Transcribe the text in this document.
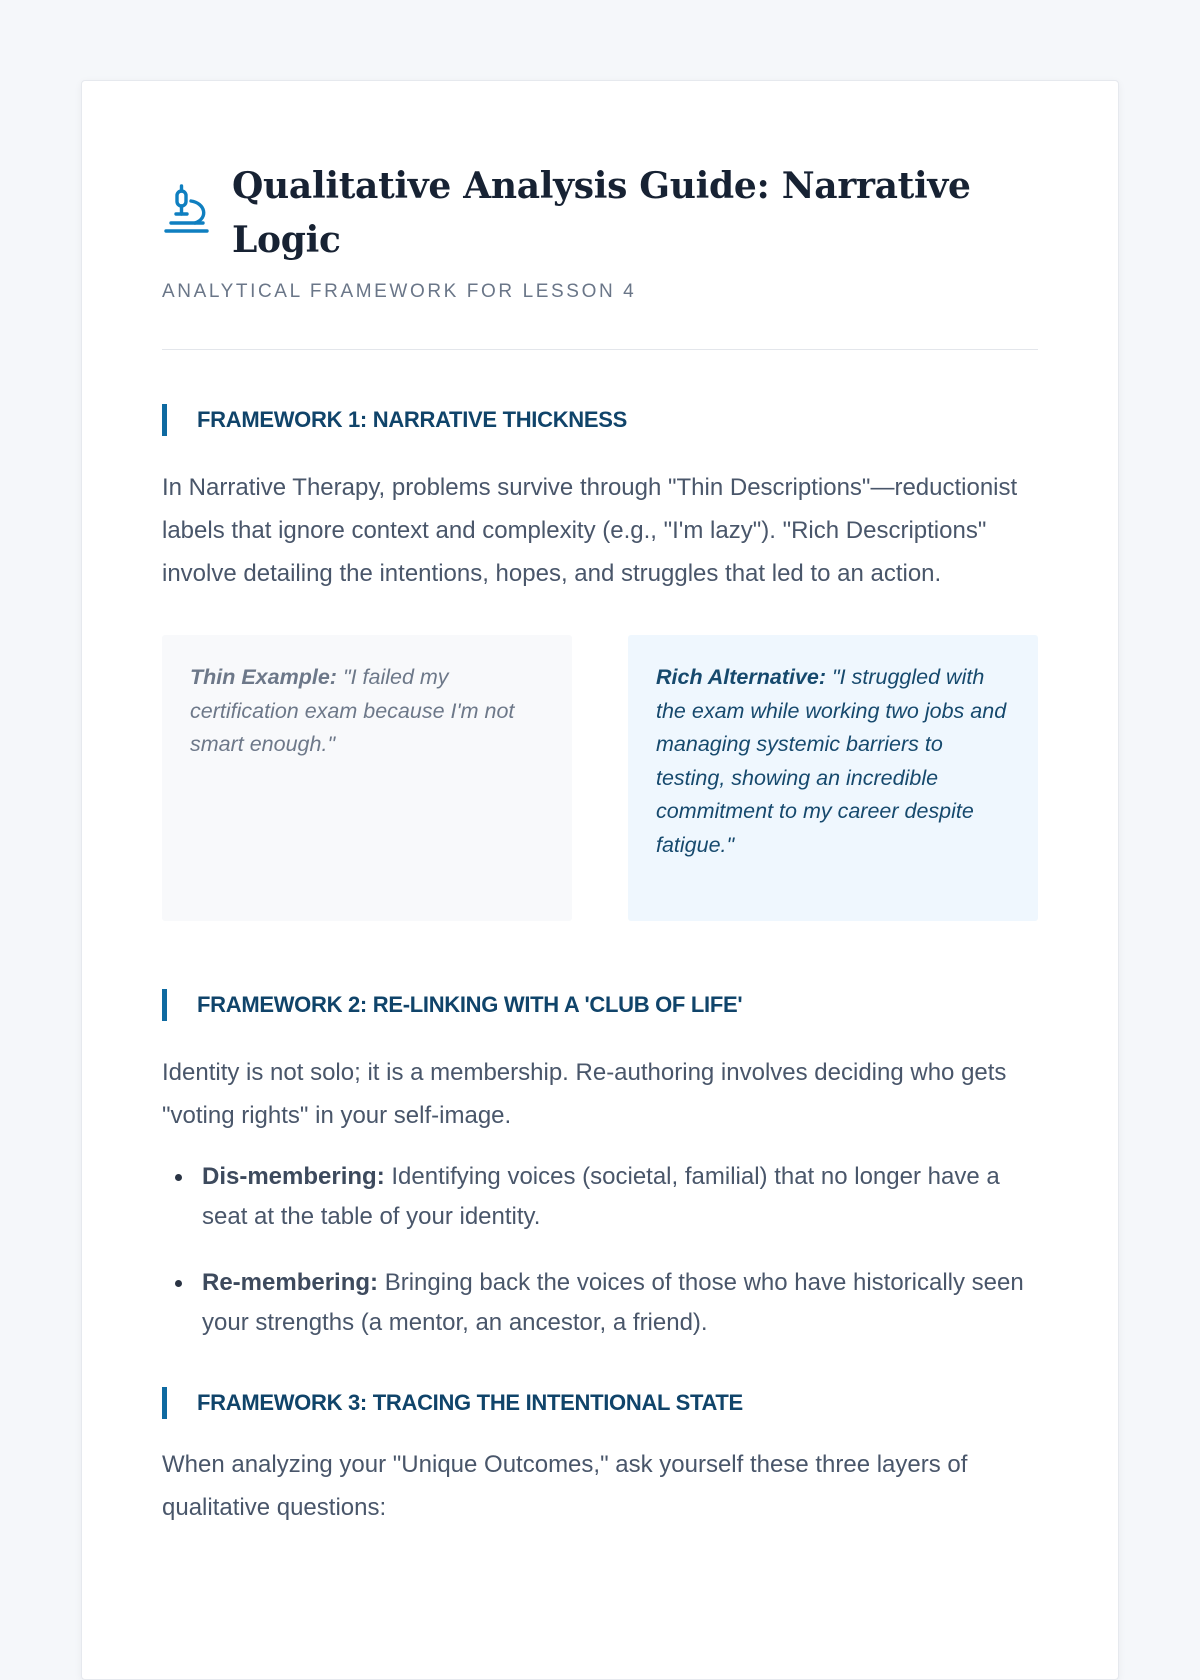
Qualitative Analysis Guide: Narrative Logic

ANALYTICAL FRAMEWORK FOR LESSON 4

FRAMEWORK 1: NARRATIVE THICKNESS

In Narrative Therapy, problems survive through "Thin Descriptions"—reductionist labels that ignore context and complexity (e.g., "I'm lazy"). "Rich Descriptions" involve detailing the intentions, hopes, and struggles that led to an action.

Thin Example: "I failed my certification exam because I'm not smart enough."
Rich Alternative: "I struggled with the exam while working two jobs and managing systemic barriers to testing, showing an incredible commitment to my career despite fatigue."
FRAMEWORK 2: RE-LINKING WITH A 'CLUB OF LIFE'

Identity is not solo; it is a membership. Re-authoring involves deciding who gets "voting rights" in your self-image.

Dis-membering: Identifying voices (societal, familial) that no longer have a seat at the table of your identity.
Re-membering: Bringing back the voices of those who have historically seen your strengths (a mentor, an ancestor, a friend).
FRAMEWORK 3: TRACING THE INTENTIONAL STATE

When analyzing your "Unique Outcomes," ask yourself these three layers of qualitative questions:
